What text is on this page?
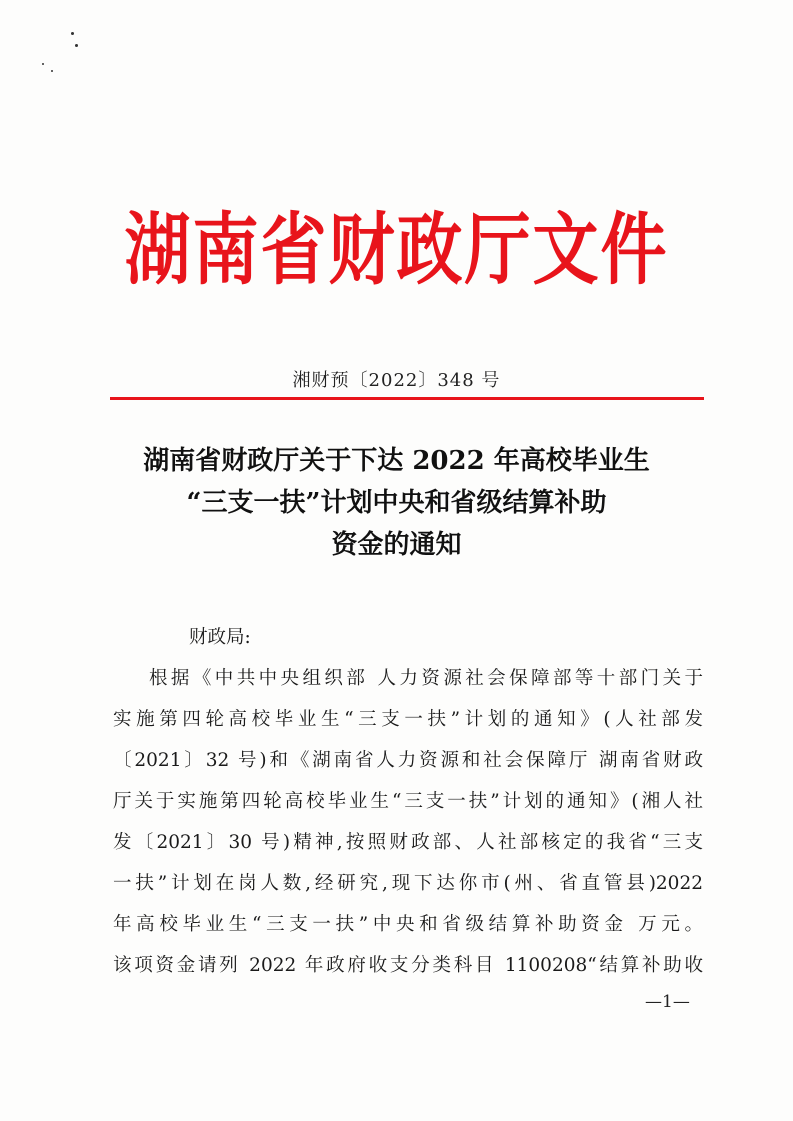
湖南省财政厅文件
湘财预〔2022〕348 号
湖南省财政厅关于下达 2022 年高校毕业生
“三支一扶”计划中央和省级结算补助
资金的通知
财政局:
根据《中共中央组织部 人力资源社会保障部等十部门关于
实施第四轮高校毕业生“三支一扶”计划的通知》(人社部发
〔2021〕32 号)和《湖南省人力资源和社会保障厅 湖南省财政
厅关于实施第四轮高校毕业生“三支一扶”计划的通知》(湘人社
发〔2021〕30 号)精神,按照财政部、人社部核定的我省“三支
一扶”计划在岗人数,经研究,现下达你市(州、省直管县)2022
年高校毕业生“三支一扶”中央和省级结算补助资金 万元。
该项资金请列 2022 年政府收支分类科目 1100208“结算补助收
—1—
